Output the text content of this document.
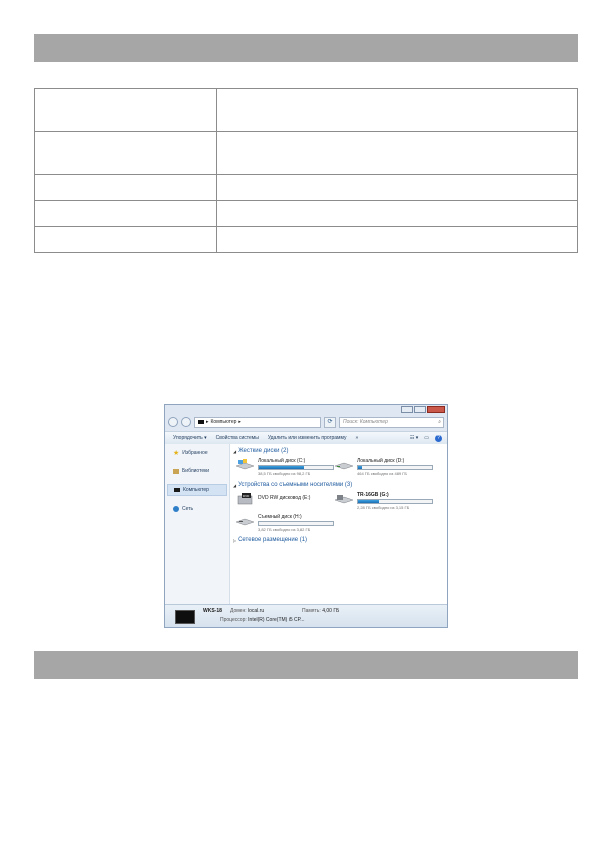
▸ Компьютер ▸	⟳	Поиск: Компьютер	⌕
Упорядочить ▾ Свойства системы Удалить или изменить программу »	☷ ▾ ▭	?
★ Избранное
Библиотеки
Компьютер
Сеть
◢ Жесткие диски (2)
Локальный диск (C:)
38,5 ГБ свободно из 98,2 ГБ
Локальный диск (D:)
464 ГБ свободно из 489 ГБ
◢ Устройства со съемными носителями (3)
DVD DVD RW дисковод (E:)	TR-16GB (G:)
2,28 ГБ свободно из 3,15 ГБ
Съемный диск (H:)
3,82 ГБ свободно из 3,82 ГБ
▷ Сетевое размещение (1)
WKS-18 Домен: local.ru	Память: 4,00 ГБ
Процессор: Intel(R) Core(TM) i5 CP...
